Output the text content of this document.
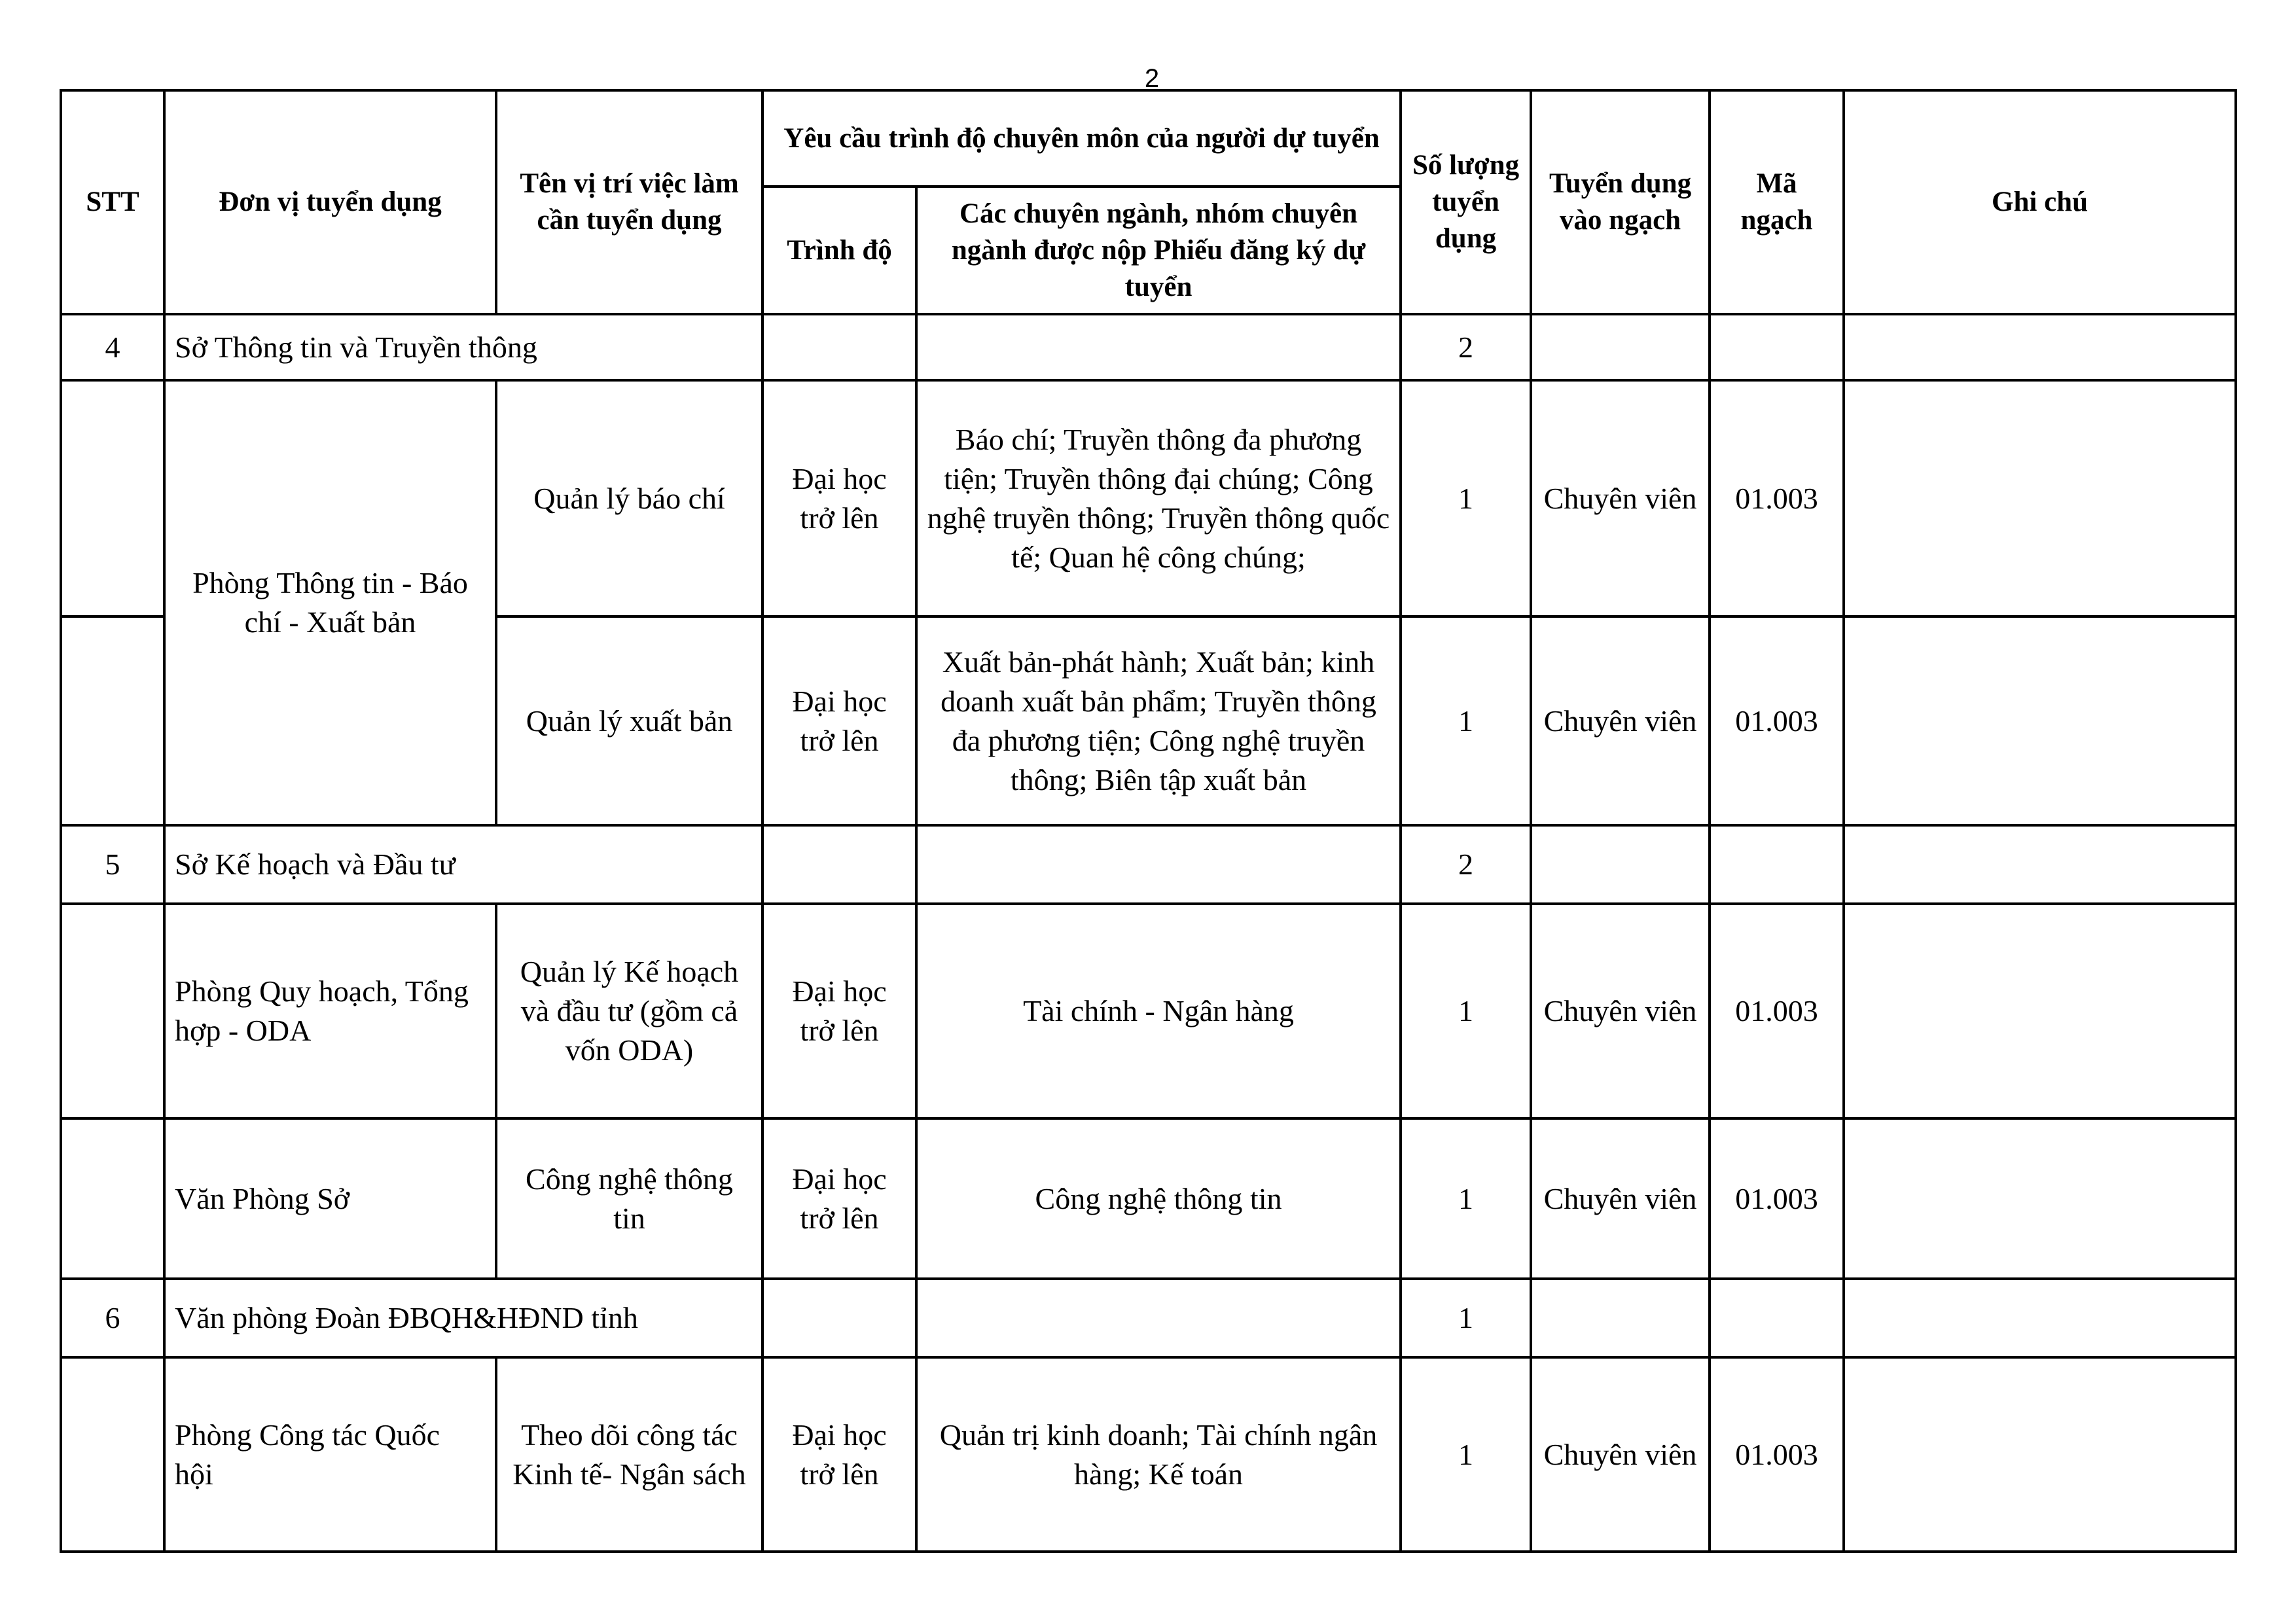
2
STT	Đơn vị tuyển dụng	Tên vị trí việc làm cần tuyển dụng	Yêu cầu trình độ chuyên môn của người dự tuyển		Số lượng tuyển dụng	Tuyển dụng vào ngạch	Mã ngạch	Ghi chú
			Trình độ	Các chuyên ngành, nhóm chuyên ngành được nộp Phiếu đăng ký dự tuyển				
4	Sở Thông tin và Truyền thông				2			
	Phòng Thông tin - Báo chí - Xuất bản	Quản lý báo chí	Đại học trở lên	Báo chí; Truyền thông đa phương tiện; Truyền thông đại chúng; Công nghệ truyền thông; Truyền thông quốc tế; Quan hệ công chúng;	1	Chuyên viên	01.003	
		Quản lý xuất bản	Đại học trở lên	Xuất bản-phát hành; Xuất bản; kinh doanh xuất bản phẩm; Truyền thông đa phương tiện; Công nghệ truyền thông; Biên tập xuất bản	1	Chuyên viên	01.003	
5	Sở Kế hoạch và Đầu tư				2			
	Phòng Quy hoạch, Tổng hợp - ODA	Quản lý Kế hoạch và đầu tư (gồm cả vốn ODA)	Đại học trở lên	Tài chính - Ngân hàng	1	Chuyên viên	01.003	
	Văn Phòng Sở	Công nghệ thông tin	Đại học trở lên	Công nghệ thông tin	1	Chuyên viên	01.003	
6	Văn phòng Đoàn ĐBQH&HĐND tỉnh				1			
	Phòng Công tác Quốc hội	Theo dõi công tác Kinh tế- Ngân sách	Đại học trở lên	Quản trị kinh doanh; Tài chính ngân hàng; Kế toán	1	Chuyên viên	01.003	
